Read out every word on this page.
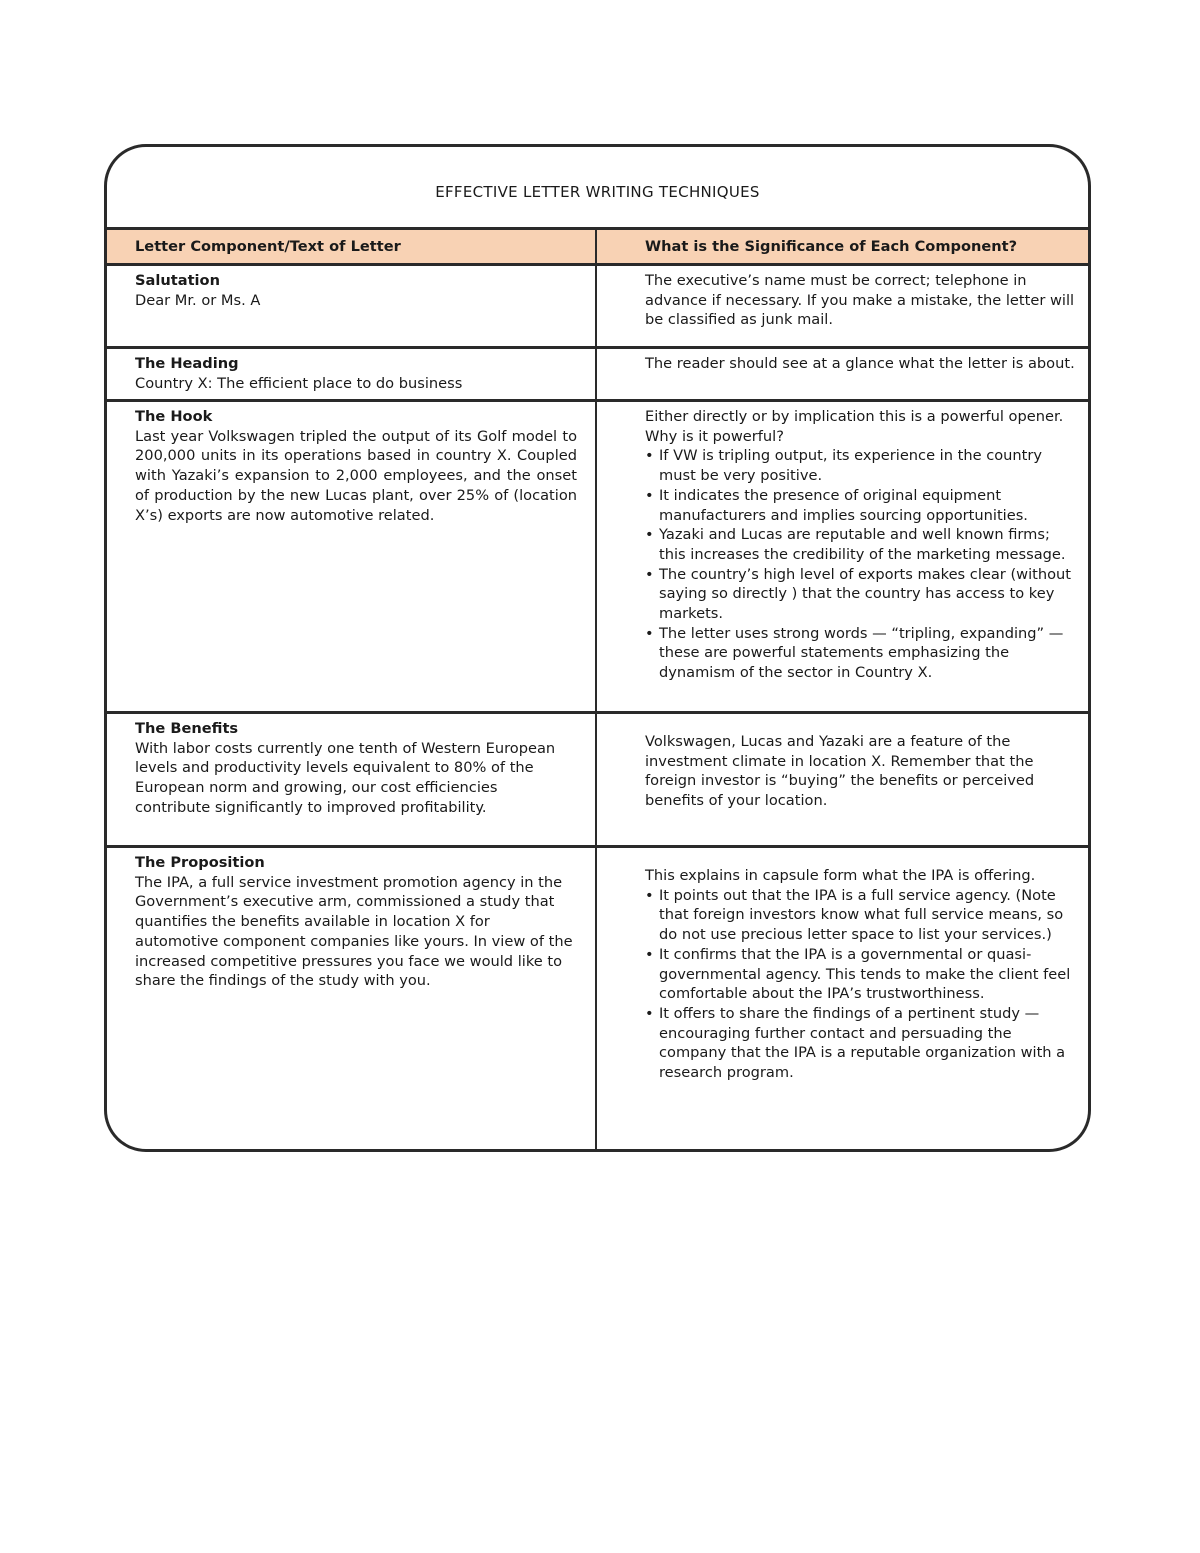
EFFECTIVE LETTER WRITING TECHNIQUES
Letter Component/Text of Letter	What is the Significance of Each Component?
Salutation
Dear Mr. or Ms. A
The executive’s name must be correct; telephone in advance if necessary. If you make a mistake, the letter will be classified as junk mail.
The Heading
Country X: The efficient place to do business
The reader should see at a glance what the letter is about.
The Hook
Last year Volkswagen tripled the output of its Golf model to 200,000 units in its operations based in country X. Coupled with Yazaki’s expansion to 2,000 employees, and the onset of production by the new Lucas plant, over 25% of (location X’s) exports are now automotive related.
Either directly or by implication this is a powerful opener. Why is it powerful?
• If VW is tripling output, its experience in the country must be very positive.
• It indicates the presence of original equipment manufacturers and implies sourcing opportunities.
• Yazaki and Lucas are reputable and well known firms; this increases the credibility of the marketing message.
• The country’s high level of exports makes clear (without saying so directly ) that the country has access to key markets.
• The letter uses strong words — “tripling, expanding” — these are powerful statements emphasizing the dynamism of the sector in Country X.
The Benefits
With labor costs currently one tenth of Western European levels and productivity levels equivalent to 80% of the European norm and growing, our cost efficiencies contribute significantly to improved profitability.
Volkswagen, Lucas and Yazaki are a feature of the investment climate in location X. Remember that the foreign investor is “buying” the benefits or perceived benefits of your location.
The Proposition
The IPA, a full service investment promotion agency in the Government’s executive arm, commissioned a study that quantifies the benefits available in location X for automotive component companies like yours. In view of the increased competitive pressures you face we would like to share the findings of the study with you.
This explains in capsule form what the IPA is offering.
• It points out that the IPA is a full service agency. (Note that foreign investors know what full service means, so do not use precious letter space to list your services.)
• It confirms that the IPA is a governmental or quasi-governmental agency. This tends to make the client feel comfortable about the IPA’s trustworthiness.
• It offers to share the findings of a pertinent study —encouraging further contact and persuading the company that the IPA is a reputable organization with a research program.
